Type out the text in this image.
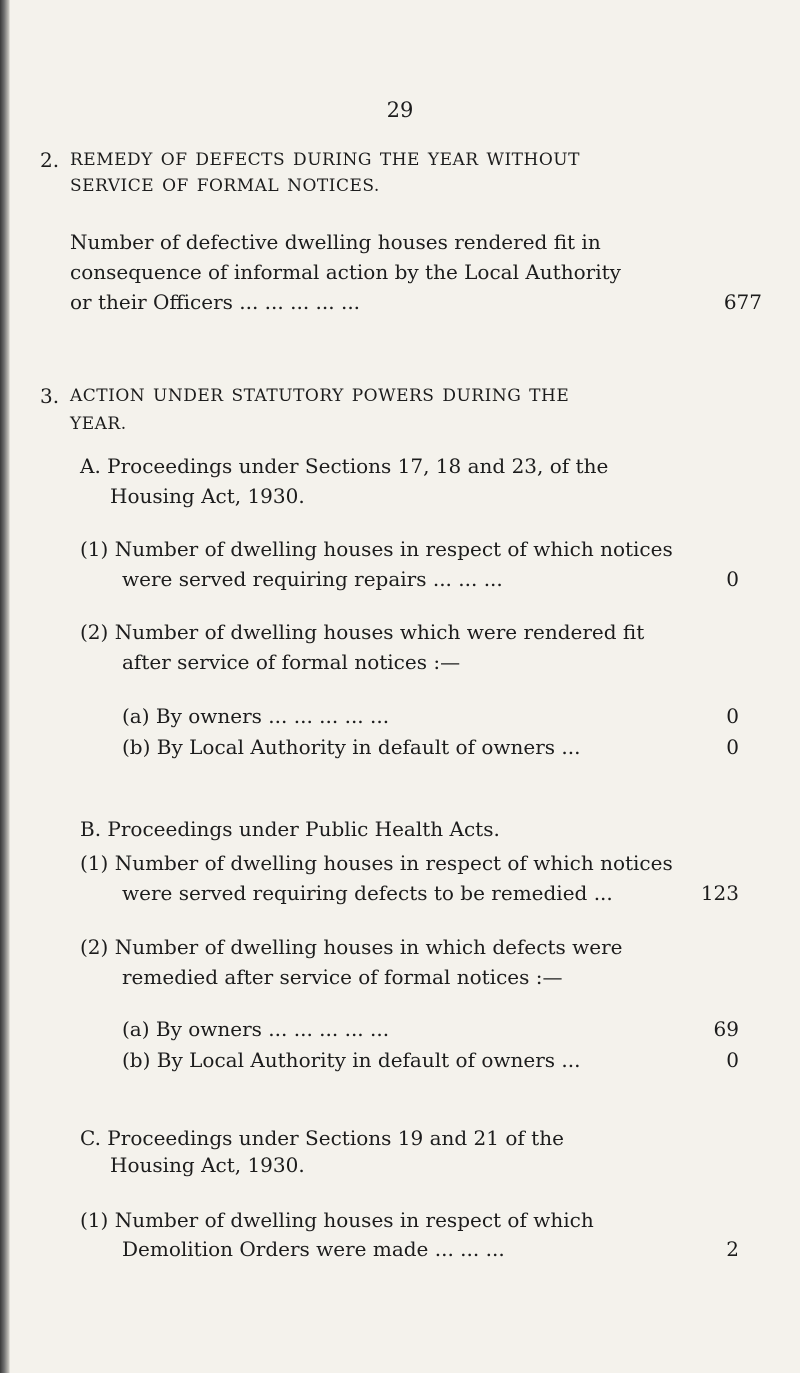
29
2. REMEDY OF DEFECTS DURING THE YEAR WITHOUT
SERVICE OF FORMAL NOTICES.
Number of defective dwelling houses rendered fit in
consequence of informal action by the Local Authority
or their Officers ... ... ... ... ...	677
3. ACTION UNDER STATUTORY POWERS DURING THE
YEAR.
A. Proceedings under Sections 17, 18 and 23, of the
Housing Act, 1930.
(1) Number of dwelling houses in respect of which notices
were served requiring repairs ... ... ...	0
(2) Number of dwelling houses which were rendered fit
after service of formal notices :—
(a) By owners ... ... ... ... ...	0
(b) By Local Authority in default of owners ...	0
B. Proceedings under Public Health Acts.
(1) Number of dwelling houses in respect of which notices
were served requiring defects to be remedied ...	123
(2) Number of dwelling houses in which defects were
remedied after service of formal notices :—
(a) By owners ... ... ... ... ...	69
(b) By Local Authority in default of owners ...	0
C. Proceedings under Sections 19 and 21 of the
Housing Act, 1930.
(1) Number of dwelling houses in respect of which
Demolition Orders were made ... ... ...	2
